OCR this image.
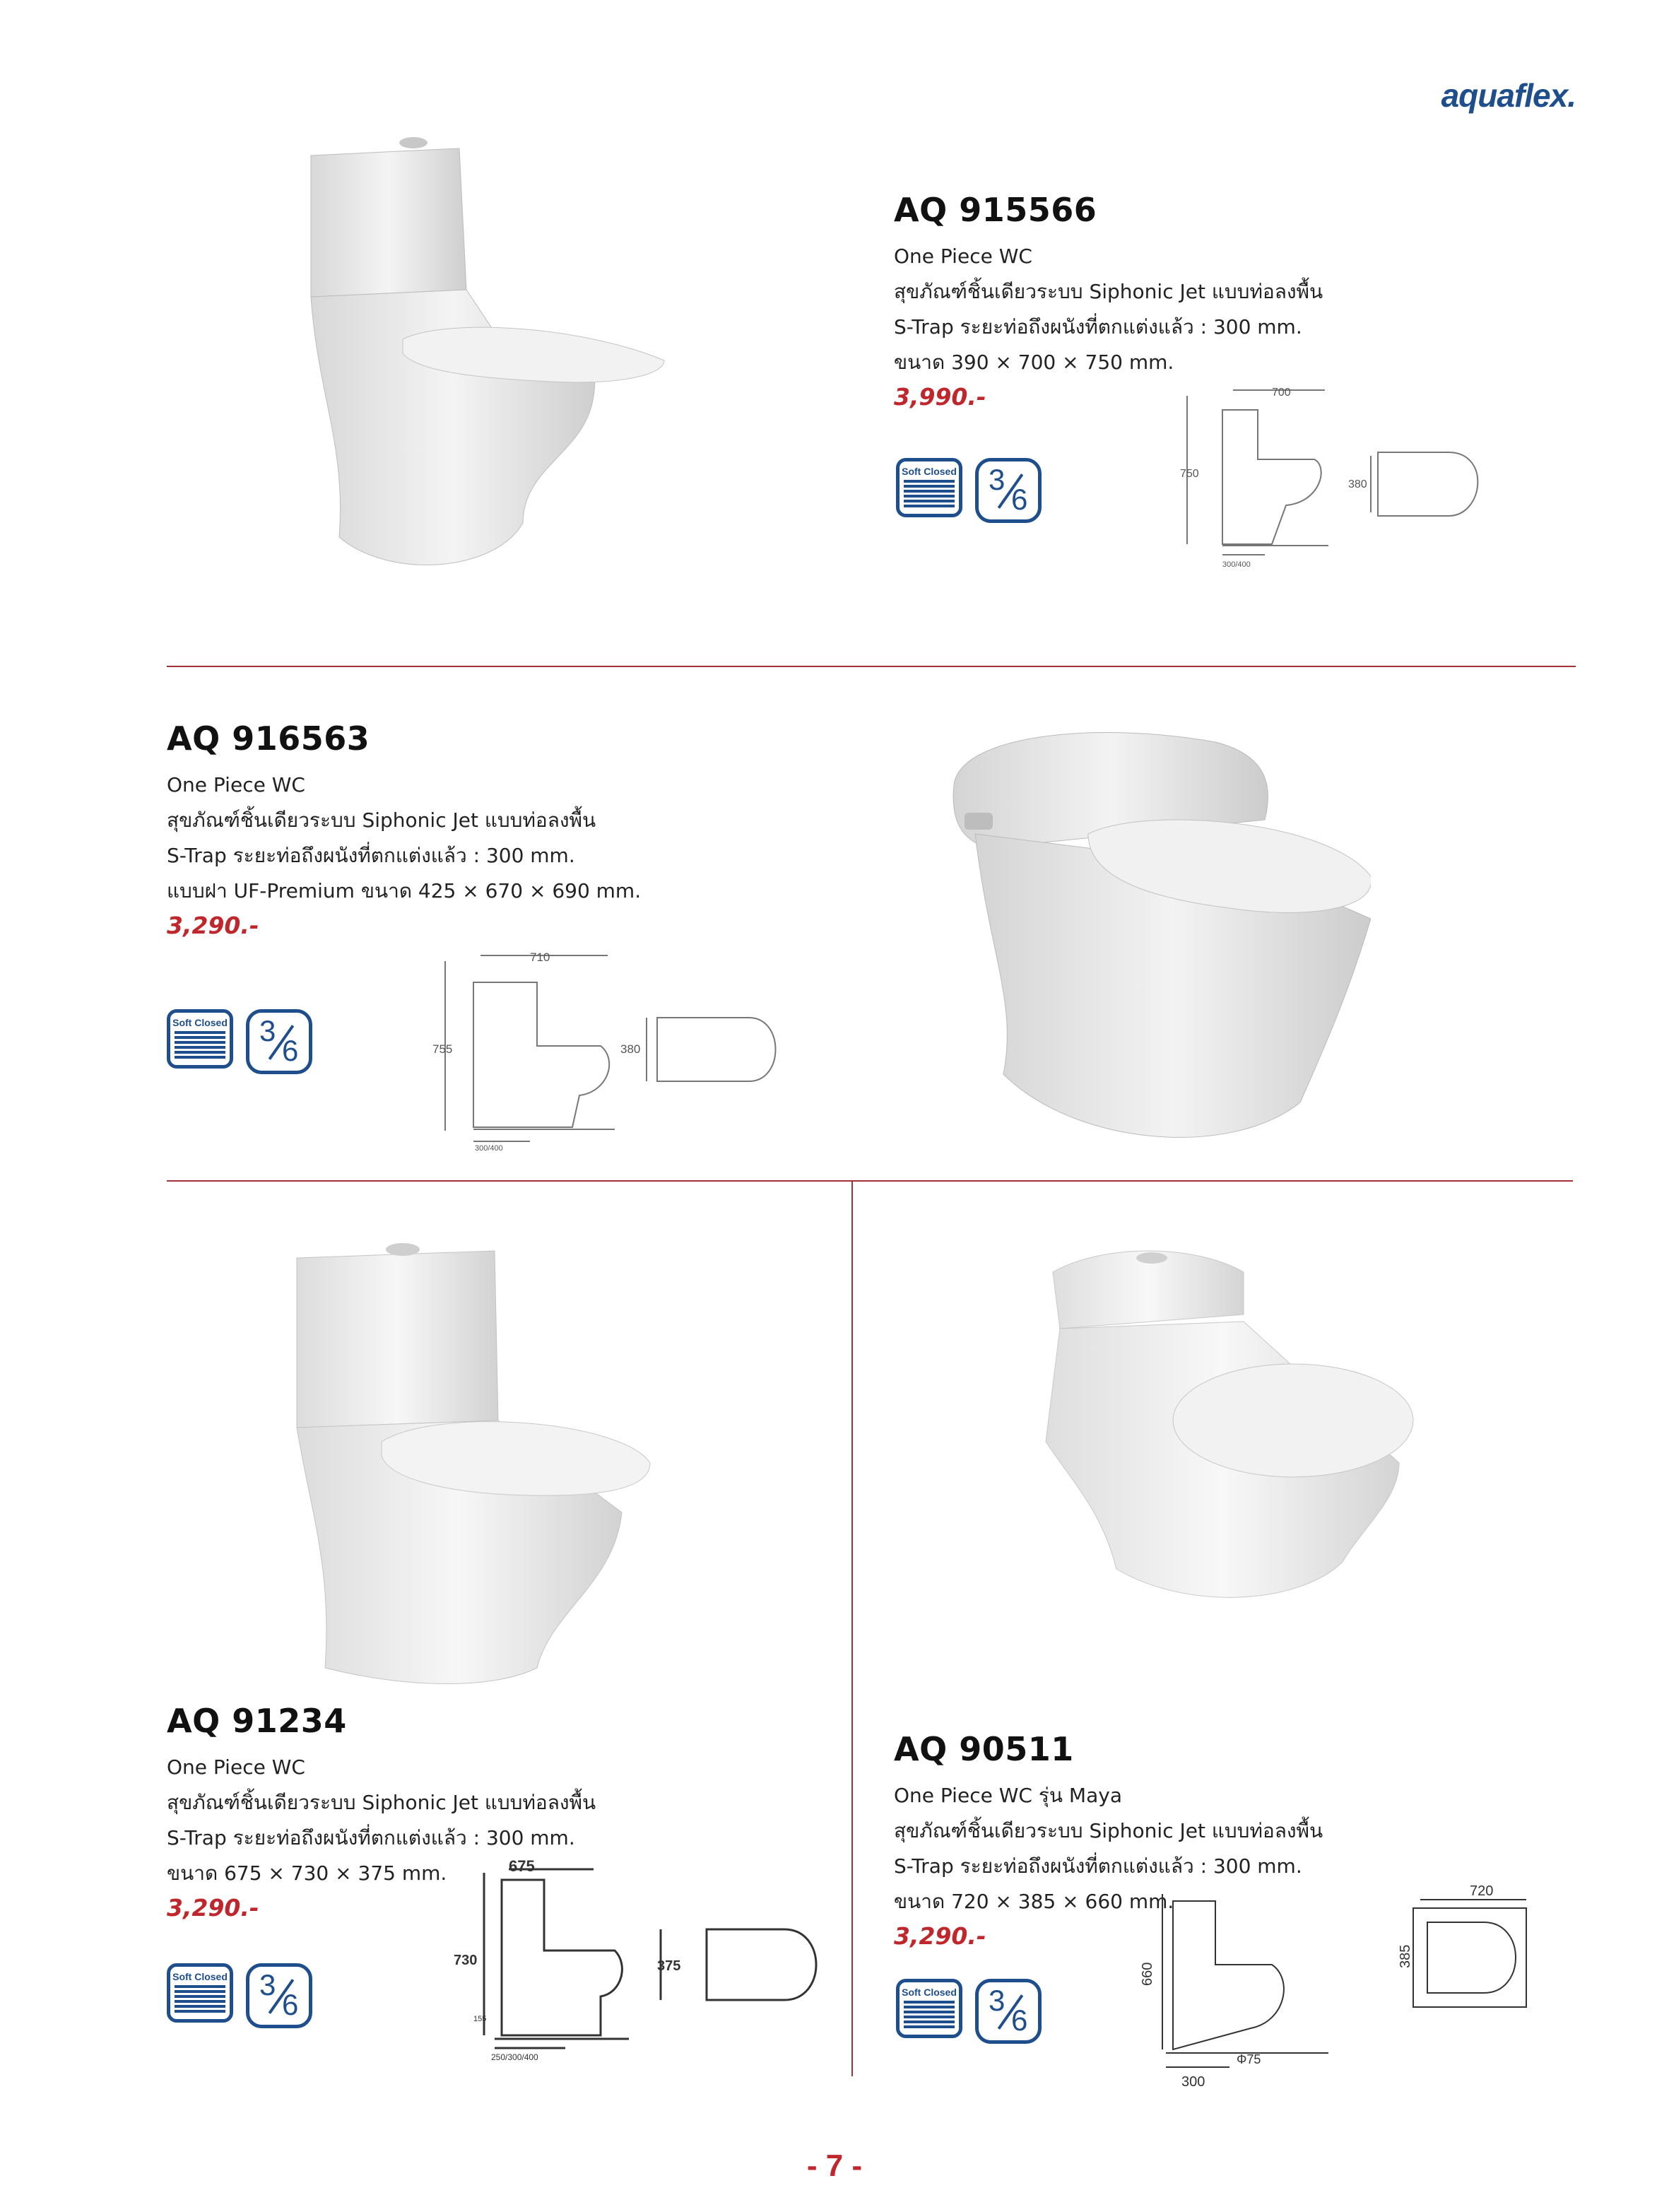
aquaflex.
AQ 915566
One Piece WC
สุขภัณฑ์ชิ้นเดียวระบบ Siphonic Jet แบบท่อลงพื้น
S-Trap ระยะท่อถึงผนังที่ตกแต่งแล้ว : 300 mm.
ขนาด 390 × 700 × 750 mm.
3,990.-
Soft Closed 3
6
700
750
380
300/400
AQ 916563
One Piece WC
สุขภัณฑ์ชิ้นเดียวระบบ Siphonic Jet แบบท่อลงพื้น
S-Trap ระยะท่อถึงผนังที่ตกแต่งแล้ว : 300 mm.
แบบฝา UF-Premium ขนาด 425 × 670 × 690 mm.
3,290.-
Soft Closed 3
6
710
755	380
300/400
AQ 91234
One Piece WC
สุขภัณฑ์ชิ้นเดียวระบบ Siphonic Jet แบบท่อลงพื้น
S-Trap ระยะท่อถึงผนังที่ตกแต่งแล้ว : 300 mm.
ขนาด 675 × 730 × 375 mm.
3,290.-
Soft Closed 3
6
675
730	375
155
250/300/400
AQ 90511
One Piece WC รุ่น Maya
สุขภัณฑ์ชิ้นเดียวระบบ Siphonic Jet แบบท่อลงพื้น
S-Trap ระยะท่อถึงผนังที่ตกแต่งแล้ว : 300 mm.
ขนาด 720 × 385 × 660 mm.
3,290.-
Soft Closed 3
6
660
720
385
300
Φ75
- 7 -
